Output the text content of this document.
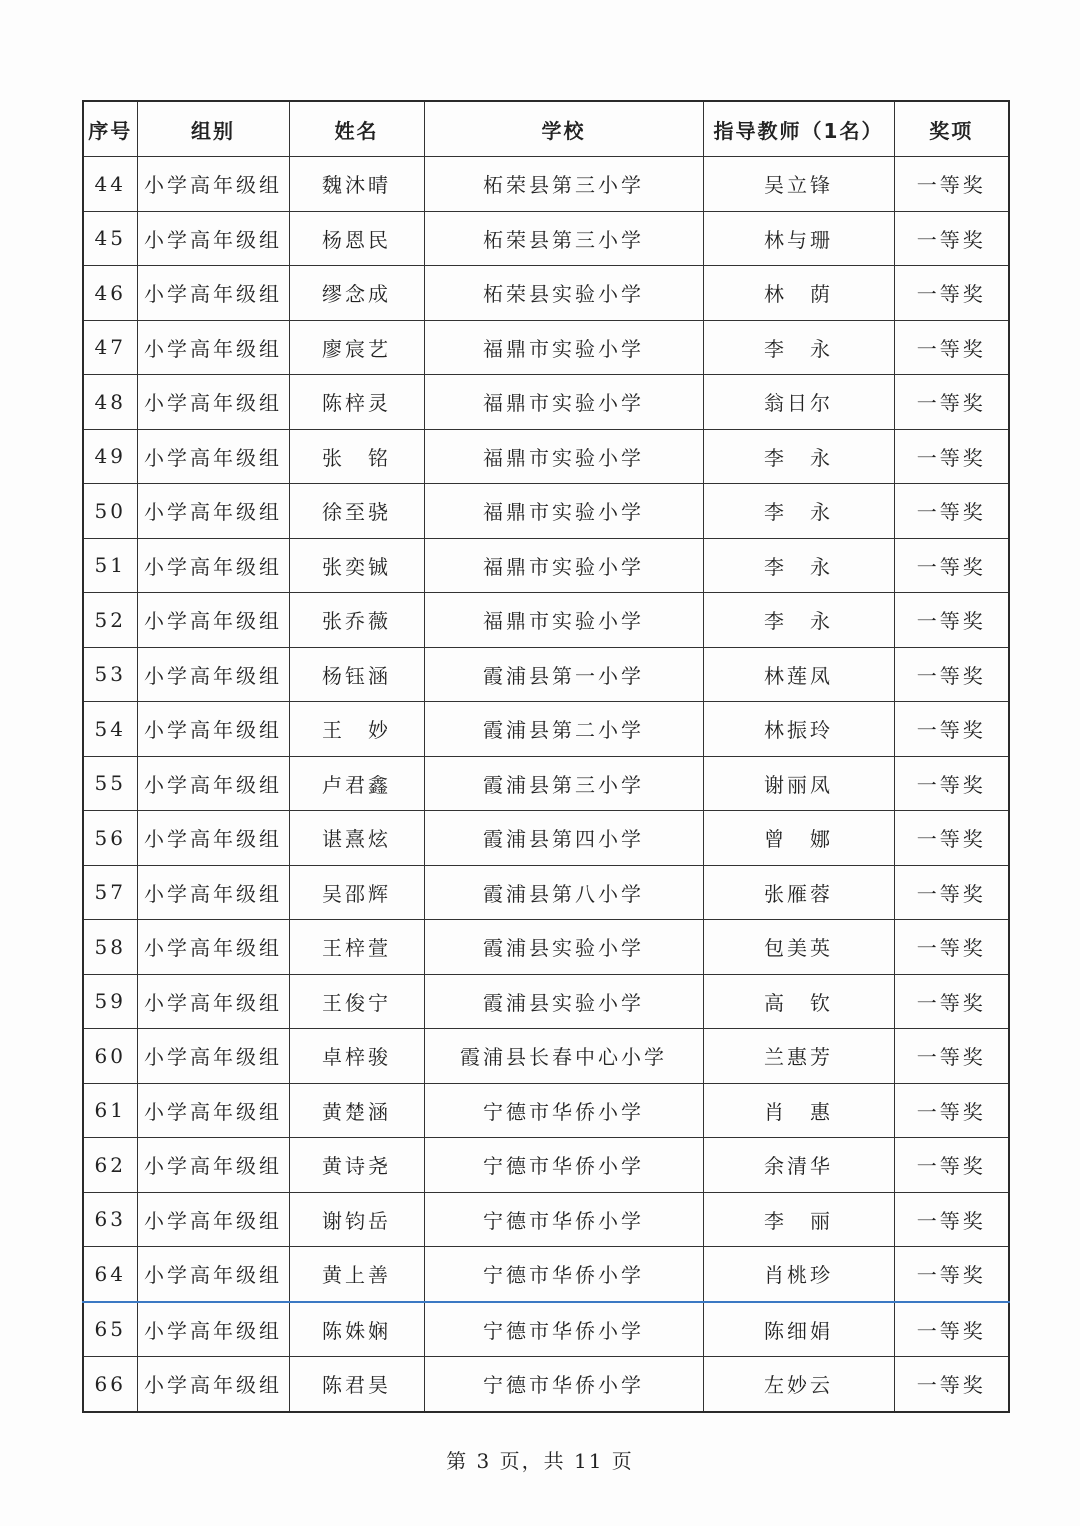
序号	组别	姓名	学校	指导教师（1名）	奖项
44	小学高年级组	魏沐晴	柘荣县第三小学	吴立锋	一等奖
45	小学高年级组	杨恩民	柘荣县第三小学	林与珊	一等奖
46	小学高年级组	缪念成	柘荣县实验小学	林　荫	一等奖
47	小学高年级组	廖宸艺	福鼎市实验小学	李　永	一等奖
48	小学高年级组	陈梓灵	福鼎市实验小学	翁日尔	一等奖
49	小学高年级组	张　铭	福鼎市实验小学	李　永	一等奖
50	小学高年级组	徐至骁	福鼎市实验小学	李　永	一等奖
51	小学高年级组	张奕铖	福鼎市实验小学	李　永	一等奖
52	小学高年级组	张乔薇	福鼎市实验小学	李　永	一等奖
53	小学高年级组	杨钰涵	霞浦县第一小学	林莲凤	一等奖
54	小学高年级组	王　妙	霞浦县第二小学	林振玲	一等奖
55	小学高年级组	卢君鑫	霞浦县第三小学	谢丽凤	一等奖
56	小学高年级组	谌熹炫	霞浦县第四小学	曾　娜	一等奖
57	小学高年级组	吴邵辉	霞浦县第八小学	张雁蓉	一等奖
58	小学高年级组	王梓萱	霞浦县实验小学	包美英	一等奖
59	小学高年级组	王俊宁	霞浦县实验小学	高　钦	一等奖
60	小学高年级组	卓梓骏	霞浦县长春中心小学	兰惠芳	一等奖
61	小学高年级组	黄楚涵	宁德市华侨小学	肖　惠	一等奖
62	小学高年级组	黄诗尧	宁德市华侨小学	余清华	一等奖
63	小学高年级组	谢钧岳	宁德市华侨小学	李　丽	一等奖
64	小学高年级组	黄上善	宁德市华侨小学	肖桃珍	一等奖
65	小学高年级组	陈姝娴	宁德市华侨小学	陈细娟	一等奖
66	小学高年级组	陈君昊	宁德市华侨小学	左妙云	一等奖
第 3 页，共 11 页
